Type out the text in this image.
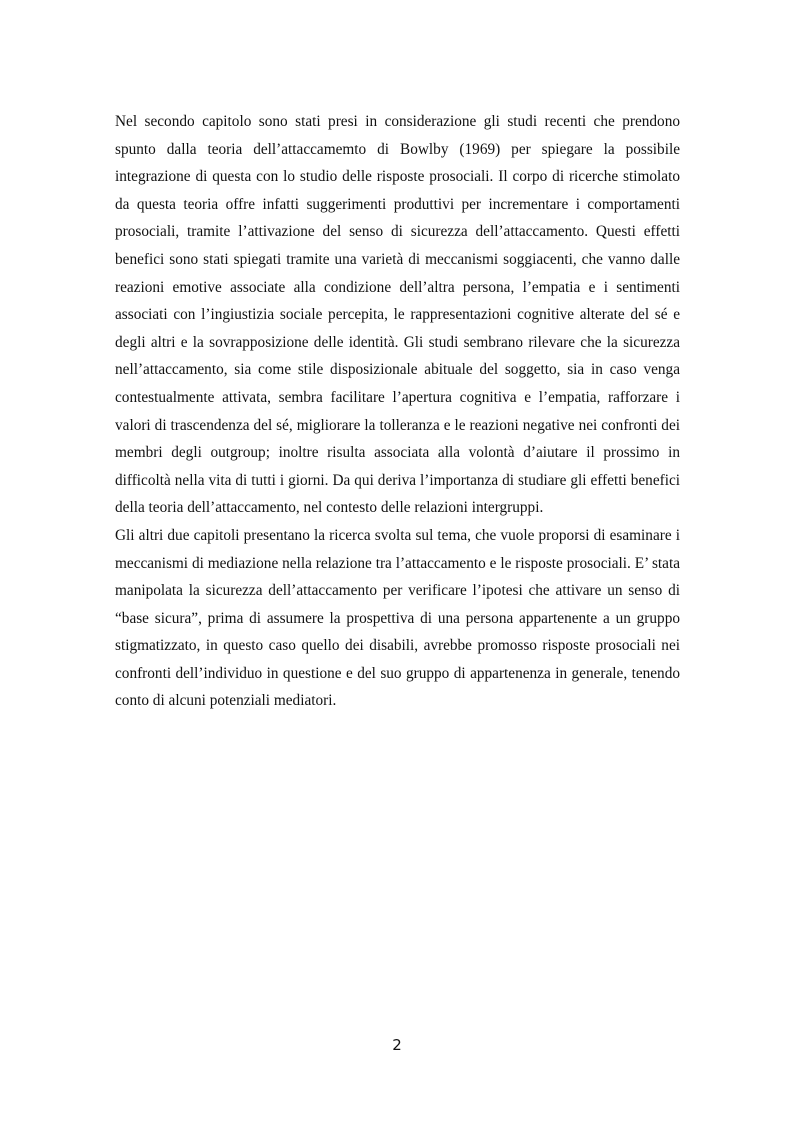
Nel secondo capitolo sono stati presi in considerazione gli studi recenti che prendono spunto dalla teoria dell’attaccamemto di Bowlby (1969) per spiegare la possibile integrazione di questa con lo studio delle risposte prosociali. Il corpo di ricerche stimolato da questa teoria offre infatti suggerimenti produttivi per incrementare i comportamenti prosociali, tramite l’attivazione del senso di sicurezza dell’attaccamento. Questi effetti benefici sono stati spiegati tramite una varietà di meccanismi soggiacenti, che vanno dalle reazioni emotive associate alla condizione dell’altra persona, l’empatia e i sentimenti associati con l’ingiustizia sociale percepita, le rappresentazioni cognitive alterate del sé e degli altri e la sovrapposizione delle identità. Gli studi sembrano rilevare che la sicurezza nell’attaccamento, sia come stile disposizionale abituale del soggetto, sia in caso venga contestualmente attivata, sembra facilitare l’apertura cognitiva e l’empatia, rafforzare i valori di trascendenza del sé, migliorare la tolleranza e le reazioni negative nei confronti dei membri degli outgroup; inoltre risulta associata alla volontà d’aiutare il prossimo in difficoltà nella vita di tutti i giorni. Da qui deriva l’importanza di studiare gli effetti benefici della teoria dell’attaccamento, nel contesto delle relazioni intergruppi.

Gli altri due capitoli presentano la ricerca svolta sul tema, che vuole proporsi di esaminare i meccanismi di mediazione nella relazione tra l’attaccamento e le risposte prosociali. E’ stata manipolata la sicurezza dell’attaccamento per verificare l’ipotesi che attivare un senso di “base sicura”, prima di assumere la prospettiva di una persona appartenente a un gruppo stigmatizzato, in questo caso quello dei disabili, avrebbe promosso risposte prosociali nei confronti dell’individuo in questione e del suo gruppo di appartenenza in generale, tenendo conto di alcuni potenziali mediatori.

2
